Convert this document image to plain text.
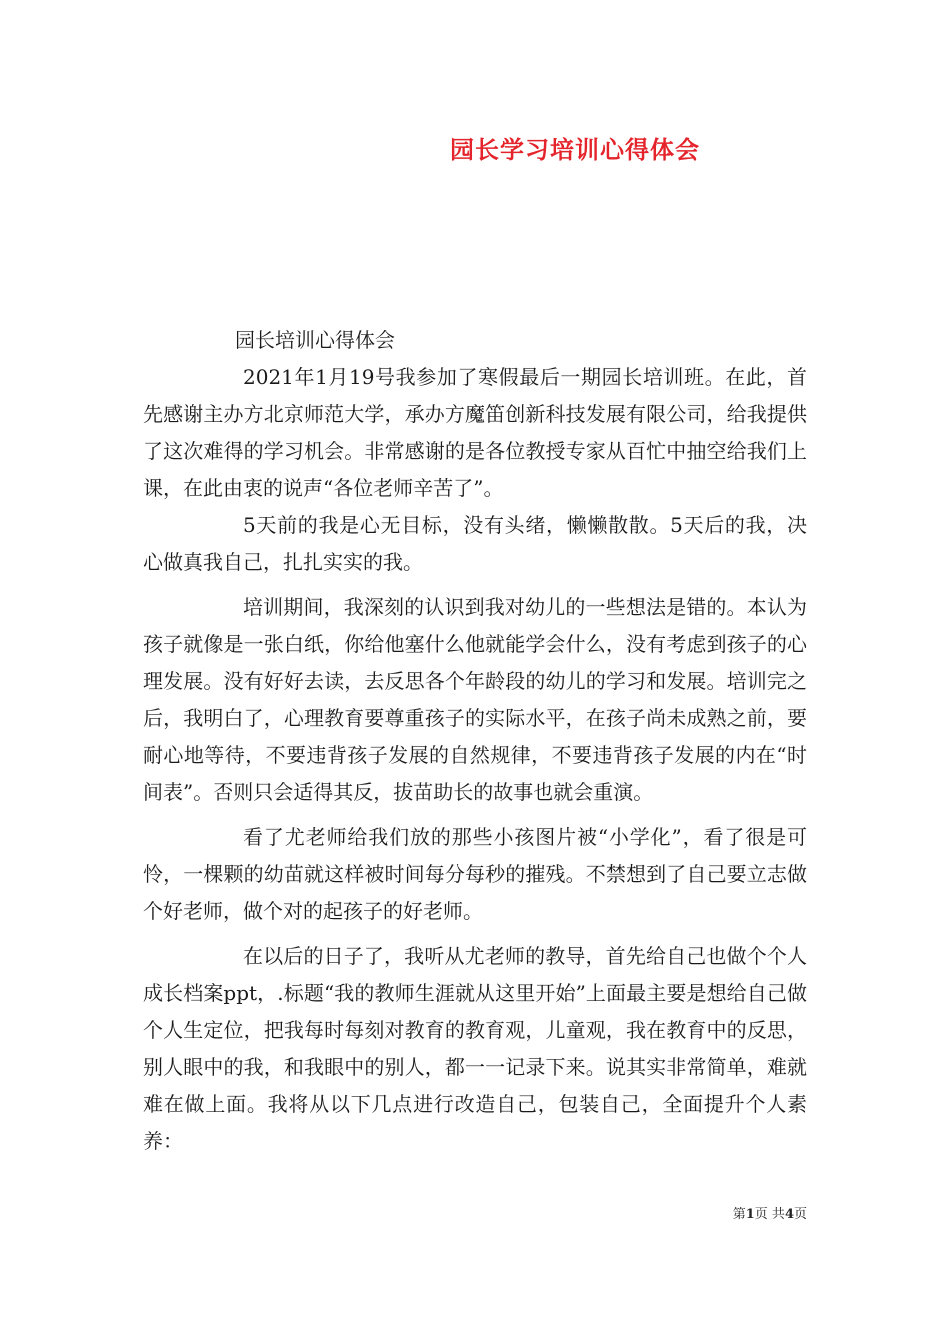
园长学习培训心得体会

园长培训心得体会

2021年1月19号我参加了寒假最后一期园长培训班。在此，首先感谢主办方北京师范大学，承办方魔笛创新科技发展有限公司，给我提供了这次难得的学习机会。非常感谢的是各位教授专家从百忙中抽空给我们上课，在此由衷的说声“各位老师辛苦了”。

5天前的我是心无目标，没有头绪，懒懒散散。5天后的我，决心做真我自己，扎扎实实的我。

培训期间，我深刻的认识到我对幼儿的一些想法是错的。本认为孩子就像是一张白纸，你给他塞什么他就能学会什么，没有考虑到孩子的心理发展。没有好好去读，去反思各个年龄段的幼儿的学习和发展。培训完之后，我明白了，心理教育要尊重孩子的实际水平，在孩子尚未成熟之前，要耐心地等待，不要违背孩子发展的自然规律，不要违背孩子发展的内在“时间表”。否则只会适得其反，拔苗助长的故事也就会重演。

看了尤老师给我们放的那些小孩图片被“小学化”，看了很是可怜，一棵颗的幼苗就这样被时间每分每秒的摧残。不禁想到了自己要立志做个好老师，做个对的起孩子的好老师。

在以后的日子了，我听从尤老师的教导，首先给自己也做个个人成长档案ppt，.标题“我的教师生涯就从这里开始”上面最主要是想给自己做个人生定位，把我每时每刻对教育的教育观，儿童观，我在教育中的反思，别人眼中的我，和我眼中的别人，都一一记录下来。说其实非常简单，难就难在做上面。我将从以下几点进行改造自己，包装自己，全面提升个人素养：

第1页 共4页
